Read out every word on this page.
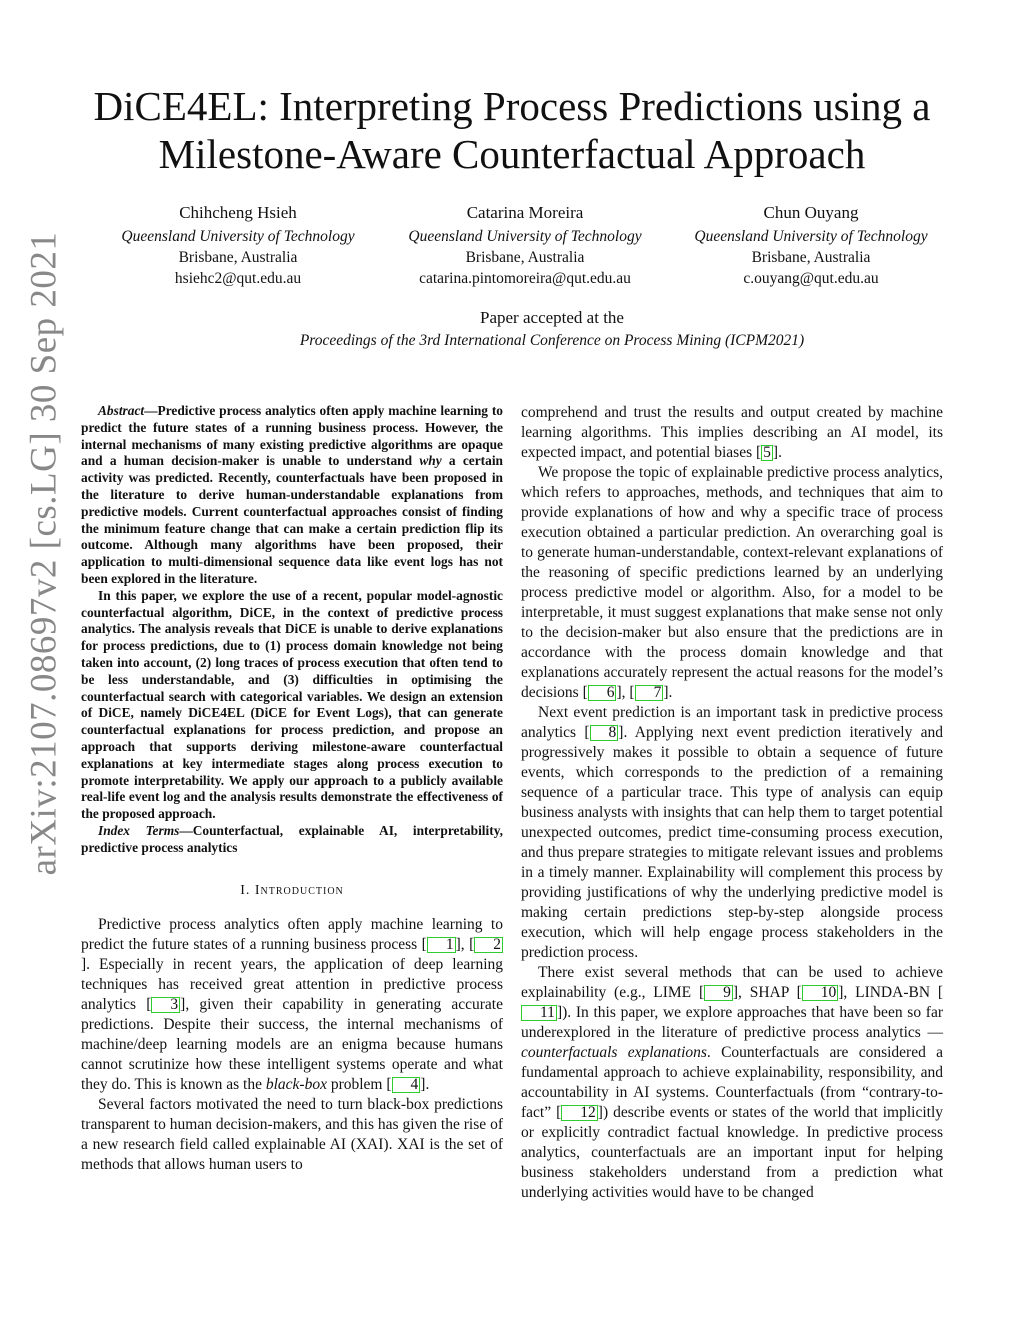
arXiv:2107.08697v2 [cs.LG] 30 Sep 2021
DiCE4EL: Interpreting Process Predictions using a
Milestone-Aware Counterfactual Approach
Chihcheng Hsieh
Queensland University of Technology
Brisbane, Australia
hsiehc2@qut.edu.au
Catarina Moreira
Queensland University of Technology
Brisbane, Australia
catarina.pintomoreira@qut.edu.au
Chun Ouyang
Queensland University of Technology
Brisbane, Australia
c.ouyang@qut.edu.au
Paper accepted at the
Proceedings of the 3rd International Conference on Process Mining (ICPM2021)

Abstract—Predictive process analytics often apply machine learning to predict the future states of a running business process. However, the internal mechanisms of many existing predictive algorithms are opaque and a human decision-maker is unable to understand why a certain activity was predicted. Recently, counterfactuals have been proposed in the literature to derive human-understandable explanations from predictive models. Current counterfactual approaches consist of finding the minimum feature change that can make a certain prediction flip its outcome. Although many algorithms have been proposed, their application to multi-dimensional sequence data like event logs has not been explored in the literature.

In this paper, we explore the use of a recent, popular model-agnostic counterfactual algorithm, DiCE, in the context of predictive process analytics. The analysis reveals that DiCE is unable to derive explanations for process predictions, due to (1) process domain knowledge not being taken into account, (2) long traces of process execution that often tend to be less understandable, and (3) difficulties in optimising the counterfactual search with categorical variables. We design an extension of DiCE, namely DiCE4EL (DiCE for Event Logs), that can generate counterfactual explanations for process prediction, and propose an approach that supports deriving milestone-aware counterfactual explanations at key intermediate stages along process execution to promote interpretability. We apply our approach to a publicly available real-life event log and the analysis results demonstrate the effectiveness of the proposed approach.

Index Terms—Counterfactual, explainable AI, interpretability, predictive process analytics

I. Introduction

Predictive process analytics often apply machine learning to predict the future states of a running business process [ 1 ], [ 2]. Especially in recent years, the application of deep learning techniques has received great attention in predictive process analytics [ 3 ], given their capability in generating accurate predictions. Despite their success, the internal mechanisms of machine/deep learning models are an enigma because humans cannot scrutinize how these intelligent systems operate and what they do. This is known as the black-box problem [ 4 ].

Several factors motivated the need to turn black-box predictions transparent to human decision-makers, and this has given the rise of a new research field called explainable AI (XAI). XAI is the set of methods that allows human users to

comprehend and trust the results and output created by machine learning algorithms. This implies describing an AI model, its expected impact, and potential biases [ 5 ].

We propose the topic of explainable predictive process analytics, which refers to approaches, methods, and techniques that aim to provide explanations of how and why a specific trace of process execution obtained a particular prediction. An overarching goal is to generate human-understandable, context-relevant explanations of the reasoning of specific predictions learned by an underlying process predictive model or algorithm. Also, for a model to be interpretable, it must suggest explanations that make sense not only to the decision-maker but also ensure that the predictions are in accordance with the process domain knowledge and that explanations accurately represent the actual reasons for the model’s decisions [ 6 ], [ 7 ].

Next event prediction is an important task in predictive process analytics [ 8 ]. Applying next event prediction iteratively and progressively makes it possible to obtain a sequence of future events, which corresponds to the prediction of a remaining sequence of a particular trace. This type of analysis can equip business analysts with insights that can help them to target potential unexpected outcomes, predict time-consuming process execution, and thus prepare strategies to mitigate relevant issues and problems in a timely manner. Explainability will complement this process by providing justifications of why the underlying predictive model is making certain predictions step-by-step alongside process execution, which will help engage process stakeholders in the prediction process.

There exist several methods that can be used to achieve explainability (e.g., LIME [ 9 ], SHAP [ 10 ], LINDA-BN [11 ]). In this paper, we explore approaches that have been so far underexplored in the literature of predictive process analytics — counterfactuals explanations. Counterfactuals are considered a fundamental approach to achieve explainability, responsibility, and accountability in AI systems. Counterfactuals (from “contrary-to-fact” [ 12 ]) describe events or states of the world that implicitly or explicitly contradict factual knowledge. In predictive process analytics, counterfactuals are an important input for helping business stakeholders understand from a prediction what underlying activities would have to be changed
